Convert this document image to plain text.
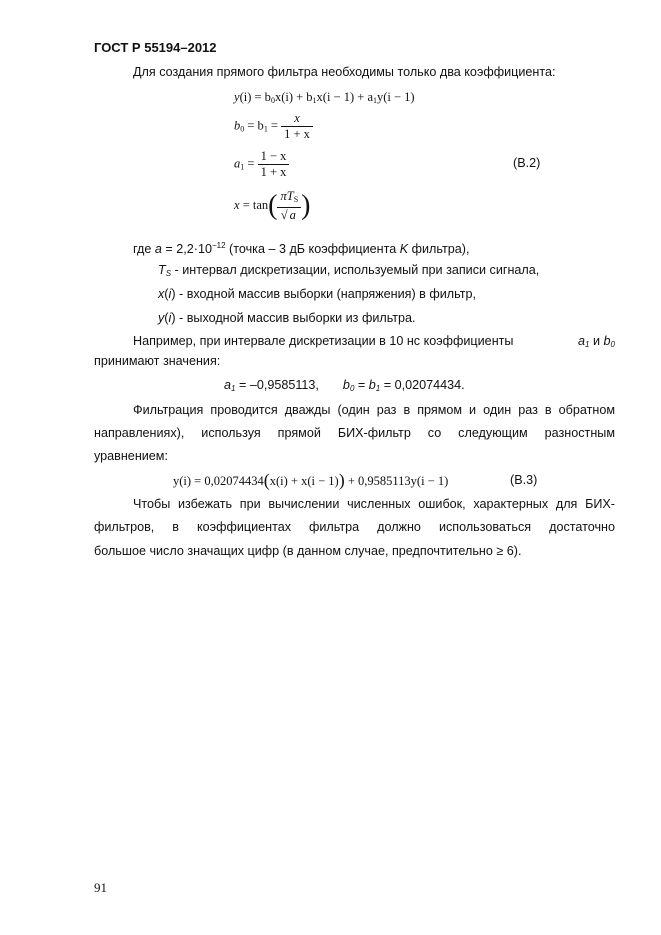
ГОСТ Р 55194–2012
Для создания прямого фильтра необходимы только два коэффициента:
$y(i) = b_0x(i) + b_1x(i - 1) + a_1y(i - 1)$
$b_0 = b_1 = \frac{x}{1 + x}$
$a_1 = \frac{1 - x}{1 + x}$
$x = \tan( \frac{\pi T_S}{√ a}$ )
(В.2)
где $a = 2,2\cdot 10^{-12}$ (точка – 3 дБ коэффициента K фильтра),
$T_S$ - интервал дискретизации, используемый при записи сигнала,
x(i) - входной массив выборки (напряжения) в фильтр,
y(i) - выходной массив выборки из фильтра.
Например, при интервале дискретизации в 10 нс коэффициенты	$a_1$ и $b_0$
принимают значения:
$a_1 = -0,9585113$, $b_0 = b_1 = 0,02074434$.
Фильтрация проводится дважды (один раз в прямом и один раз в обратном
направлениях), используя прямой БИХ-фильтр со следующим разностным
уравнением:
y(i) = 0,02074434(x(i) + x(i − 1)) + 0,9585113y(i − 1)	(В.3)
Чтобы избежать при вычислении численных ошибок, характерных для БИХ-
фильтров, в коэффициентах фильтра должно использоваться достаточно
большое число значащих цифр (в данном случае, предпочтительно ≥ 6).
91
